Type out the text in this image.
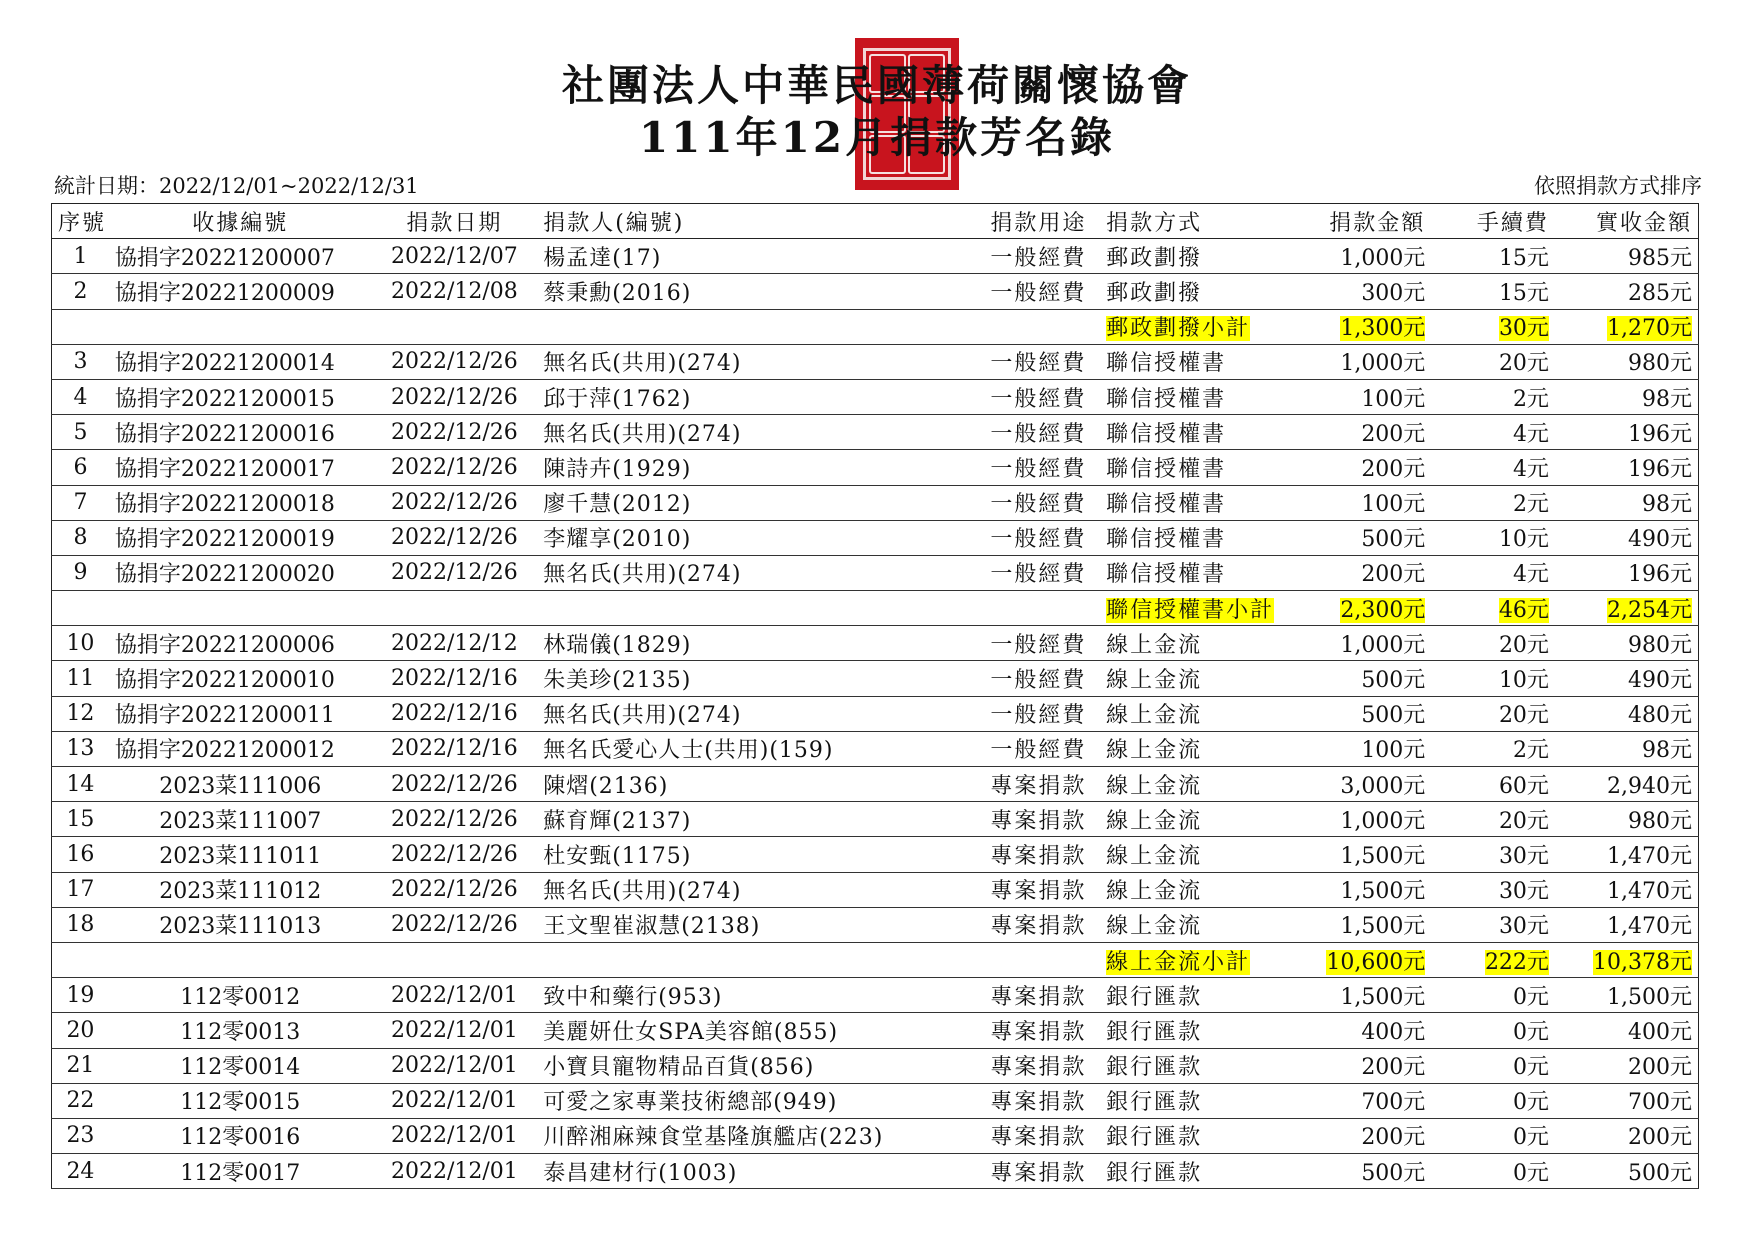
社團法人中華民國薄荷關懷協會
111年12月捐款芳名錄
統計日期：2022/12/01~2022/12/31	依照捐款方式排序
序號	收據編號	捐款日期	捐款人(編號)	捐款用途	捐款方式	捐款金額	手續費	實收金額
1	協捐字20221200007	2022/12/07	楊孟達(17)	一般經費	郵政劃撥	1,000元	15元	985元
2	協捐字20221200009	2022/12/08	蔡秉勳(2016)	一般經費	郵政劃撥	300元	15元	285元
					郵政劃撥小計	1,300元	30元	1,270元
3	協捐字20221200014	2022/12/26	無名氏(共用)(274)	一般經費	聯信授權書	1,000元	20元	980元
4	協捐字20221200015	2022/12/26	邱于萍(1762)	一般經費	聯信授權書	100元	2元	98元
5	協捐字20221200016	2022/12/26	無名氏(共用)(274)	一般經費	聯信授權書	200元	4元	196元
6	協捐字20221200017	2022/12/26	陳詩卉(1929)	一般經費	聯信授權書	200元	4元	196元
7	協捐字20221200018	2022/12/26	廖千慧(2012)	一般經費	聯信授權書	100元	2元	98元
8	協捐字20221200019	2022/12/26	李耀享(2010)	一般經費	聯信授權書	500元	10元	490元
9	協捐字20221200020	2022/12/26	無名氏(共用)(274)	一般經費	聯信授權書	200元	4元	196元
					聯信授權書小計	2,300元	46元	2,254元
10	協捐字20221200006	2022/12/12	林瑞儀(1829)	一般經費	線上金流	1,000元	20元	980元
11	協捐字20221200010	2022/12/16	朱美珍(2135)	一般經費	線上金流	500元	10元	490元
12	協捐字20221200011	2022/12/16	無名氏(共用)(274)	一般經費	線上金流	500元	20元	480元
13	協捐字20221200012	2022/12/16	無名氏愛心人士(共用)(159)	一般經費	線上金流	100元	2元	98元
14	2023菜111006	2022/12/26	陳熠(2136)	專案捐款	線上金流	3,000元	60元	2,940元
15	2023菜111007	2022/12/26	蘇育輝(2137)	專案捐款	線上金流	1,000元	20元	980元
16	2023菜111011	2022/12/26	杜安甄(1175)	專案捐款	線上金流	1,500元	30元	1,470元
17	2023菜111012	2022/12/26	無名氏(共用)(274)	專案捐款	線上金流	1,500元	30元	1,470元
18	2023菜111013	2022/12/26	王文聖崔淑慧(2138)	專案捐款	線上金流	1,500元	30元	1,470元
					線上金流小計	10,600元	222元	10,378元
19	112零0012	2022/12/01	致中和藥行(953)	專案捐款	銀行匯款	1,500元	0元	1,500元
20	112零0013	2022/12/01	美麗妍仕女SPA美容館(855)	專案捐款	銀行匯款	400元	0元	400元
21	112零0014	2022/12/01	小寶貝寵物精品百貨(856)	專案捐款	銀行匯款	200元	0元	200元
22	112零0015	2022/12/01	可愛之家專業技術總部(949)	專案捐款	銀行匯款	700元	0元	700元
23	112零0016	2022/12/01	川醉湘麻辣食堂基隆旗艦店(223)	專案捐款	銀行匯款	200元	0元	200元
24	112零0017	2022/12/01	泰昌建材行(1003)	專案捐款	銀行匯款	500元	0元	500元
